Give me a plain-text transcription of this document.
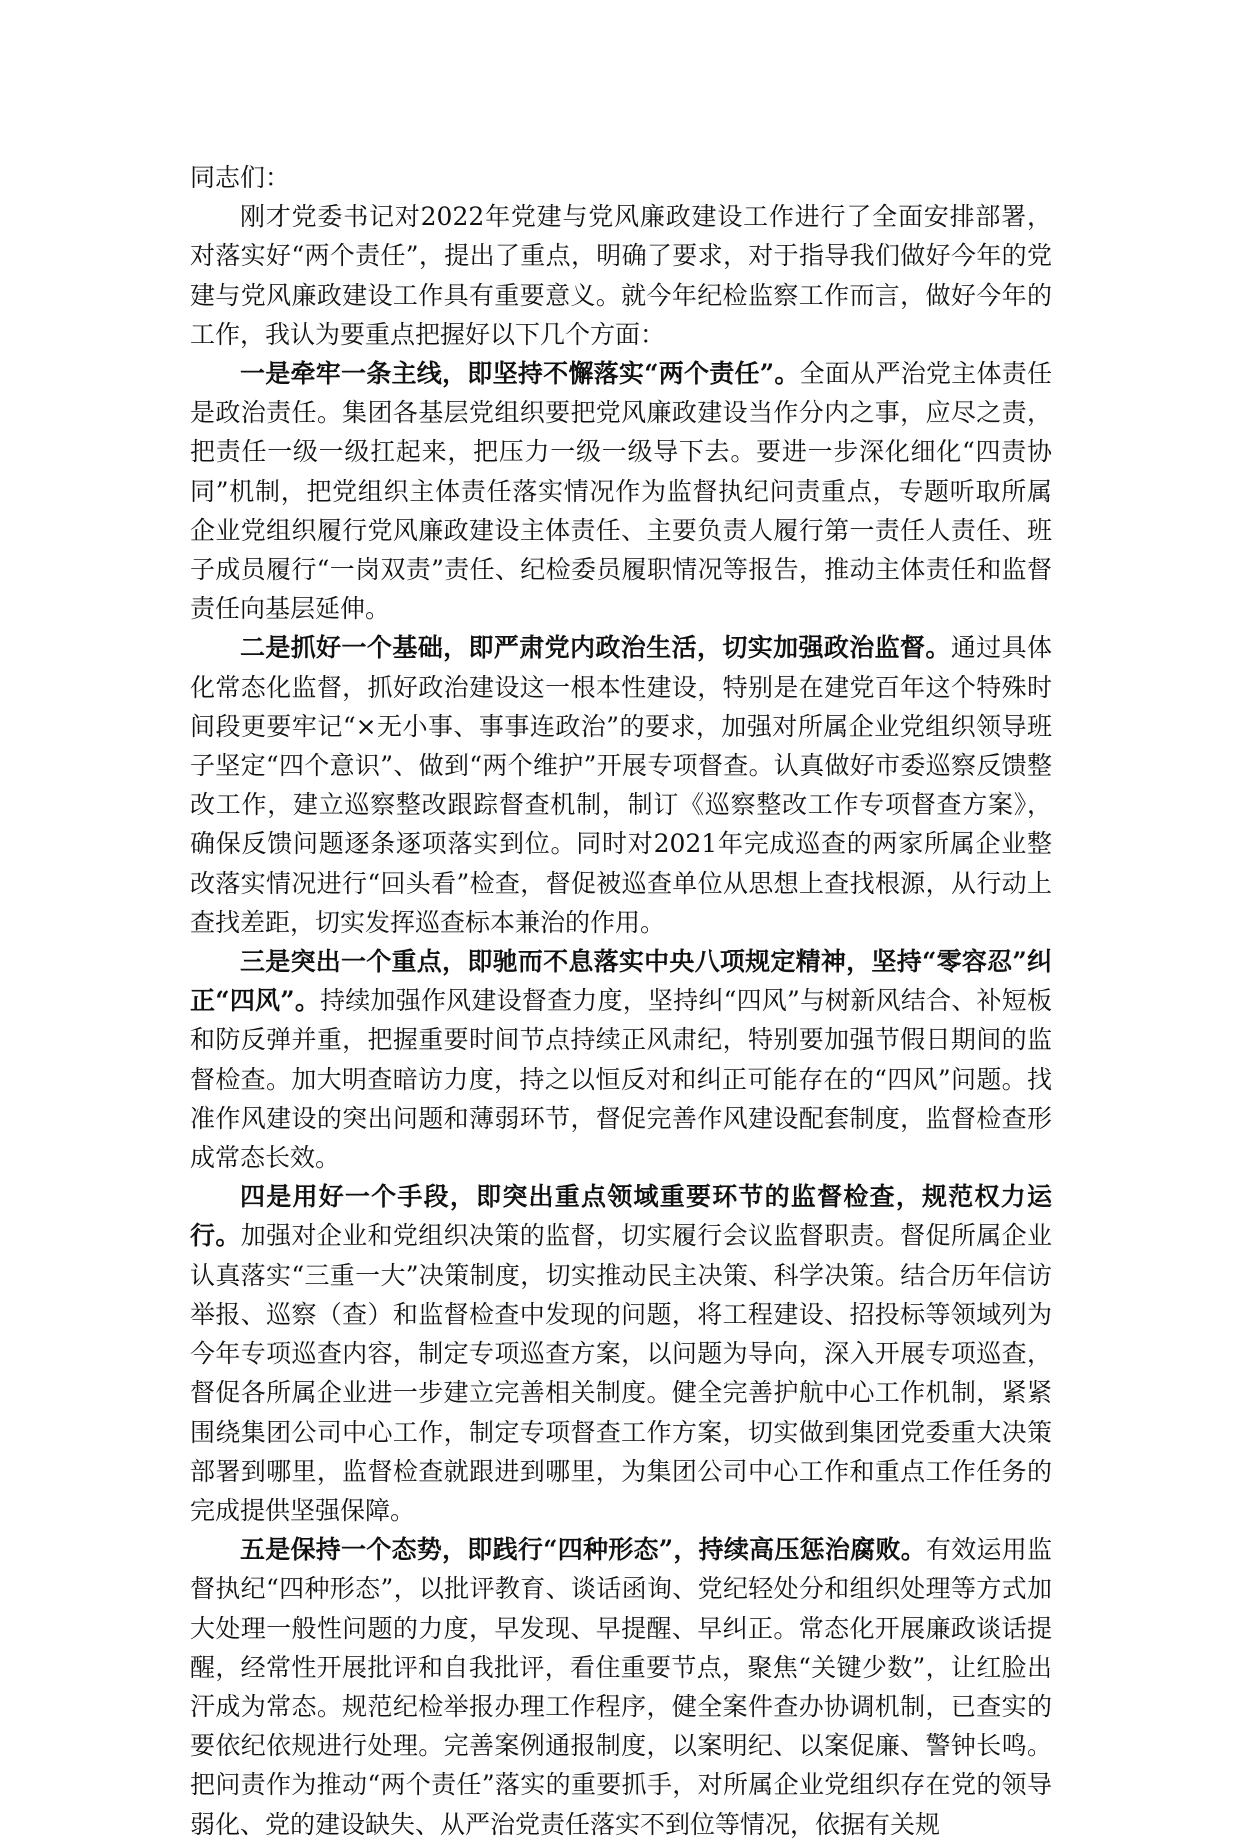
同志们：

刚才党委书记对2022年党建与党风廉政建设工作进行了全面安排部署，对落实好“两个责任”，提出了重点，明确了要求，对于指导我们做好今年的党建与党风廉政建设工作具有重要意义。就今年纪检监察工作而言，做好今年的工作，我认为要重点把握好以下几个方面：

一是牵牢一条主线，即坚持不懈落实“两个责任”。全面从严治党主体责任是政治责任。集团各基层党组织要把党风廉政建设当作分内之事，应尽之责，把责任一级一级扛起来，把压力一级一级导下去。要进一步深化细化“四责协同”机制，把党组织主体责任落实情况作为监督执纪问责重点，专题听取所属企业党组织履行党风廉政建设主体责任、主要负责人履行第一责任人责任、班子成员履行“一岗双责”责任、纪检委员履职情况等报告，推动主体责任和监督责任向基层延伸。

二是抓好一个基础，即严肃党内政治生活，切实加强政治监督。通过具体化常态化监督，抓好政治建设这一根本性建设，特别是在建党百年这个特殊时间段更要牢记“×无小事、事事连政治”的要求，加强对所属企业党组织领导班子坚定“四个意识”、做到“两个维护”开展专项督查。认真做好市委巡察反馈整改工作，建立巡察整改跟踪督查机制，制订《巡察整改工作专项督查方案》，确保反馈问题逐条逐项落实到位。同时对2021年完成巡查的两家所属企业整改落实情况进行“回头看”检查，督促被巡查单位从思想上查找根源，从行动上查找差距，切实发挥巡查标本兼治的作用。

三是突出一个重点，即驰而不息落实中央八项规定精神，坚持“零容忍”纠正“四风”。持续加强作风建设督查力度，坚持纠“四风”与树新风结合、补短板和防反弹并重，把握重要时间节点持续正风肃纪，特别要加强节假日期间的监督检查。加大明查暗访力度，持之以恒反对和纠正可能存在的“四风”问题。找准作风建设的突出问题和薄弱环节，督促完善作风建设配套制度，监督检查形成常态长效。

四是用好一个手段，即突出重点领域重要环节的监督检查，规范权力运行。加强对企业和党组织决策的监督，切实履行会议监督职责。督促所属企业认真落实“三重一大”决策制度，切实推动民主决策、科学决策。结合历年信访举报、巡察（查）和监督检查中发现的问题，将工程建设、招投标等领域列为今年专项巡查内容，制定专项巡查方案，以问题为导向，深入开展专项巡查，督促各所属企业进一步建立完善相关制度。健全完善护航中心工作机制，紧紧围绕集团公司中心工作，制定专项督查工作方案，切实做到集团党委重大决策部署到哪里，监督检查就跟进到哪里，为集团公司中心工作和重点工作任务的完成提供坚强保障。

五是保持一个态势，即践行“四种形态”，持续高压惩治腐败。有效运用监督执纪“四种形态”，以批评教育、谈话函询、党纪轻处分和组织处理等方式加大处理一般性问题的力度，早发现、早提醒、早纠正。常态化开展廉政谈话提醒，经常性开展批评和自我批评，看住重要节点，聚焦“关键少数”，让红脸出汗成为常态。规范纪检举报办理工作程序，健全案件查办协调机制，已查实的要依纪依规进行处理。完善案例通报制度，以案明纪、以案促廉、警钟长鸣。把问责作为推动“两个责任”落实的重要抓手，对所属企业党组织存在党的领导弱化、党的建设缺失、从严治党责任落实不到位等情况，依据有关规
